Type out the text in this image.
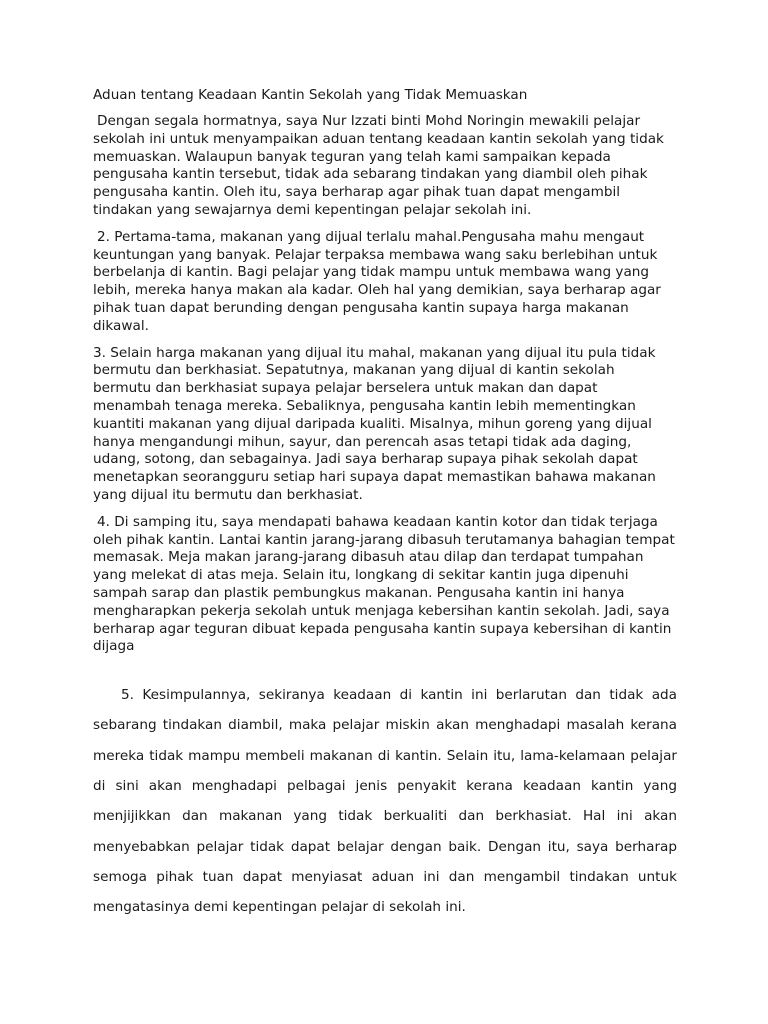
Aduan tentang Keadaan Kantin Sekolah yang Tidak Memuaskan

Dengan segala hormatnya, saya Nur Izzati binti Mohd Noringin mewakili pelajar sekolah ini untuk menyampaikan aduan tentang keadaan kantin sekolah yang tidak memuaskan. Walaupun banyak teguran yang telah kami sampaikan kepada pengusaha kantin tersebut, tidak ada sebarang tindakan yang diambil oleh pihak pengusaha kantin. Oleh itu, saya berharap agar pihak tuan dapat mengambil tindakan yang sewajarnya demi kepentingan pelajar sekolah ini.

2. Pertama-tama, makanan yang dijual terlalu mahal.Pengusaha mahu mengaut keuntungan yang banyak. Pelajar terpaksa membawa wang saku berlebihan untuk berbelanja di kantin. Bagi pelajar yang tidak mampu untuk membawa wang yang lebih, mereka hanya makan ala kadar. Oleh hal yang demikian, saya berharap agar pihak tuan dapat berunding dengan pengusaha kantin supaya harga makanan dikawal.

3. Selain harga makanan yang dijual itu mahal, makanan yang dijual itu pula tidak bermutu dan berkhasiat. Sepatutnya, makanan yang dijual di kantin sekolah bermutu dan berkhasiat supaya pelajar berselera untuk makan dan dapat menambah tenaga mereka. Sebaliknya, pengusaha kantin lebih mementingkan kuantiti makanan yang dijual daripada kualiti. Misalnya, mihun goreng yang dijual hanya mengandungi mihun, sayur, dan perencah asas tetapi tidak ada daging, udang, sotong, dan sebagainya. Jadi saya berharap supaya pihak sekolah dapat menetapkan seorangguru setiap hari supaya dapat memastikan bahawa makanan yang dijual itu bermutu dan berkhasiat.

4. Di samping itu, saya mendapati bahawa keadaan kantin kotor dan tidak terjaga oleh pihak kantin. Lantai kantin jarang-jarang dibasuh terutamanya bahagian tempat memasak. Meja makan jarang-jarang dibasuh atau dilap dan terdapat tumpahan yang melekat di atas meja. Selain itu, longkang di sekitar kantin juga dipenuhi sampah sarap dan plastik pembungkus makanan. Pengusaha kantin ini hanya mengharapkan pekerja sekolah untuk menjaga kebersihan kantin sekolah. Jadi, saya berharap agar teguran dibuat kepada pengusaha kantin supaya kebersihan di kantin dijaga

5. Kesimpulannya, sekiranya keadaan di kantin ini berlarutan dan tidak ada sebarang tindakan diambil, maka pelajar miskin akan menghadapi masalah kerana mereka tidak mampu membeli makanan di kantin. Selain itu, lama-kelamaan pelajar di sini akan menghadapi pelbagai jenis penyakit kerana keadaan kantin yang menjijikkan dan makanan yang tidak berkualiti dan berkhasiat. Hal ini akan menyebabkan pelajar tidak dapat belajar dengan baik. Dengan itu, saya berharap semoga pihak tuan dapat menyiasat aduan ini dan mengambil tindakan untuk mengatasinya demi kepentingan pelajar di sekolah ini.
